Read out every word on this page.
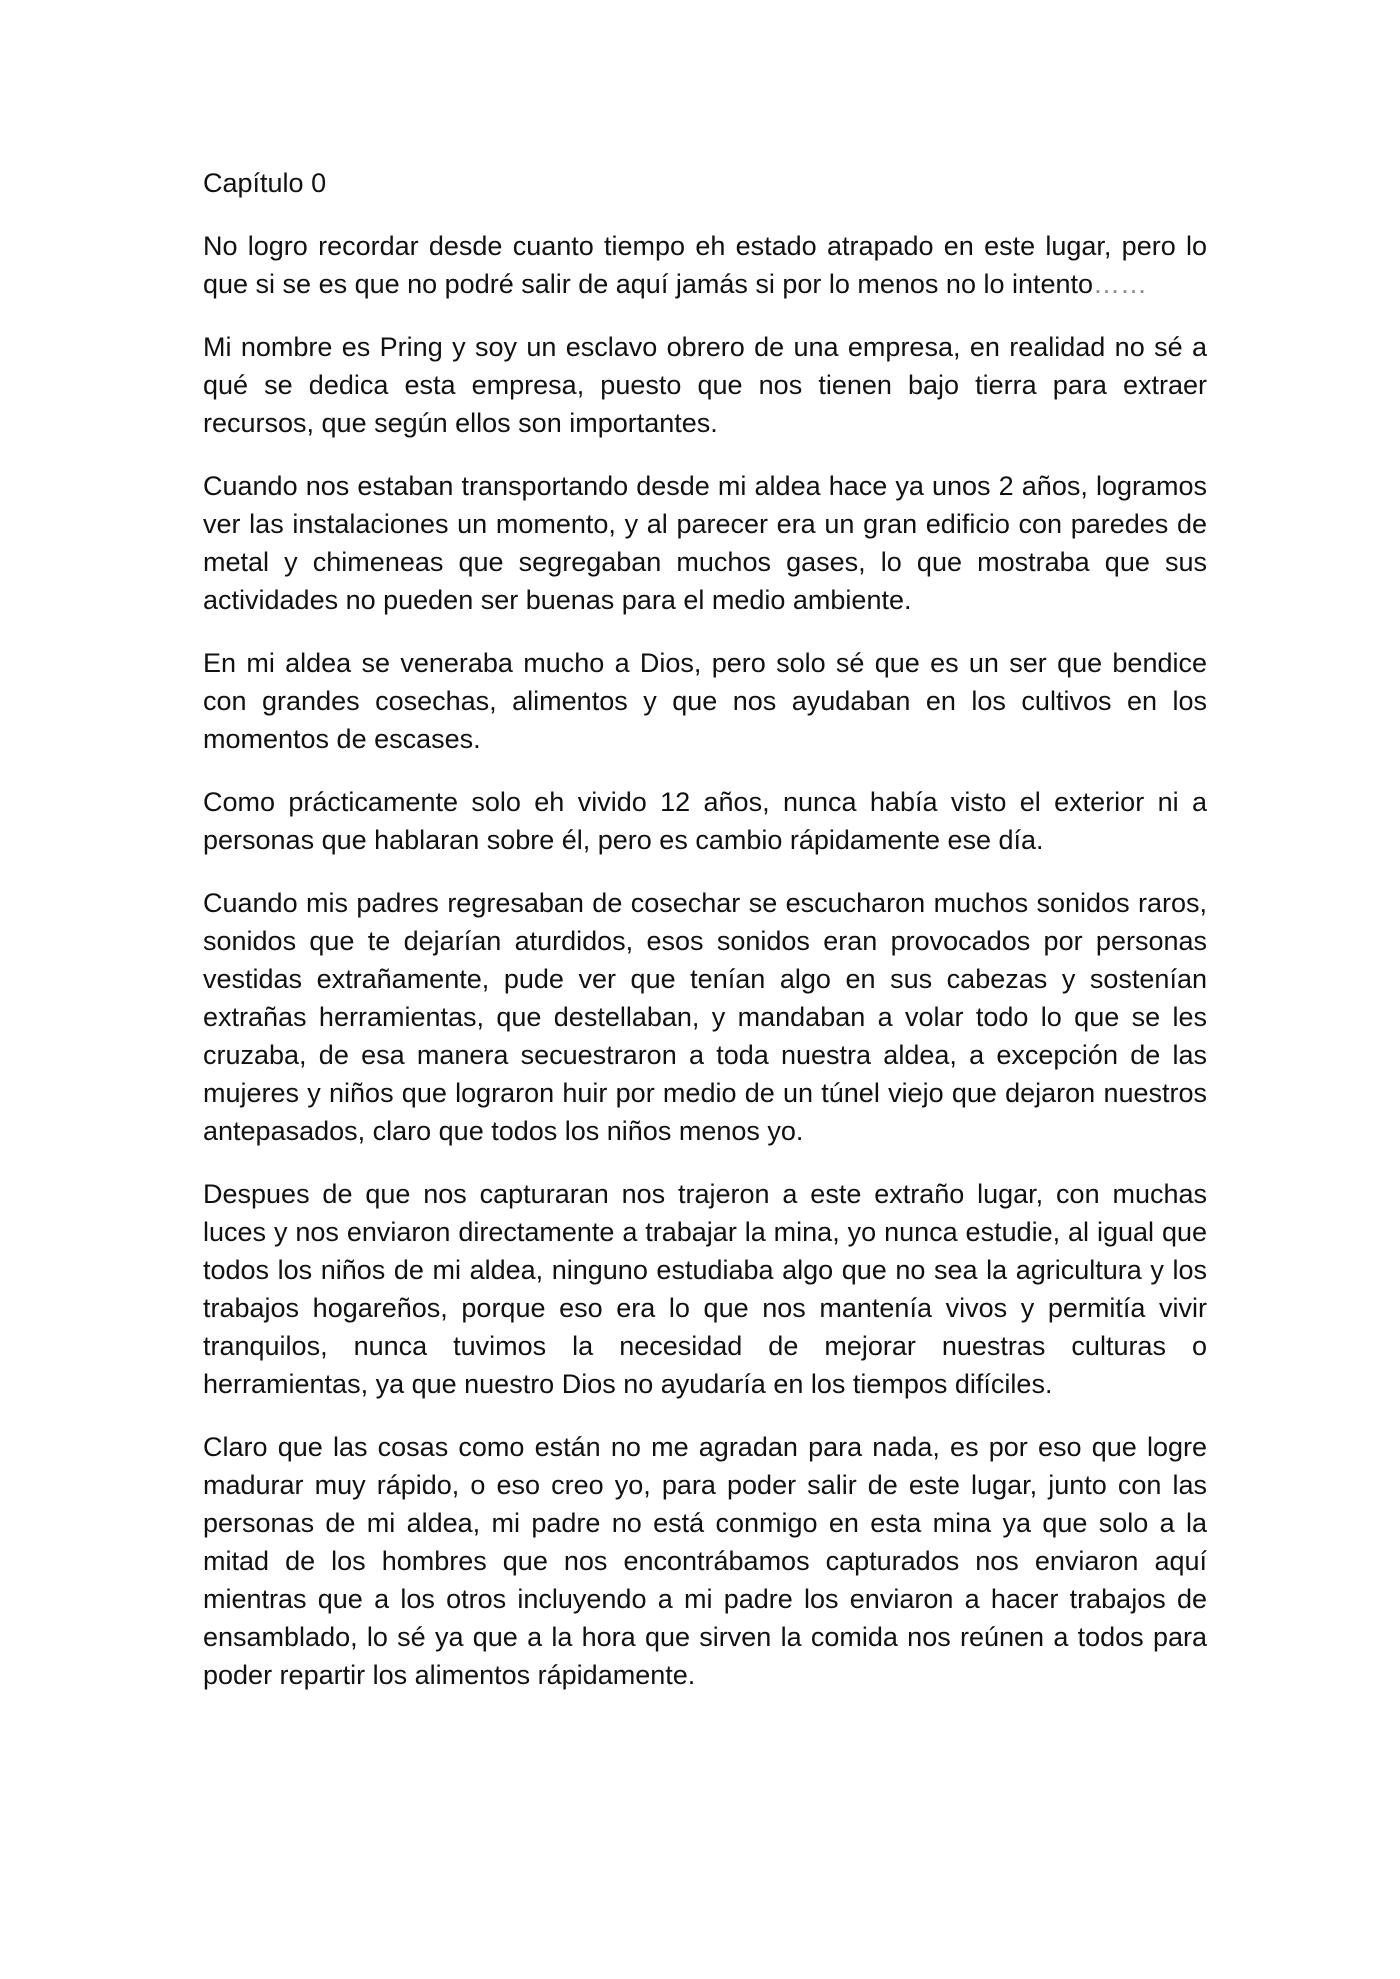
Capítulo 0

No logro recordar desde cuanto tiempo eh estado atrapado en este lugar, pero lo que si se es que no podré salir de aquí jamás si por lo menos no lo intento……

Mi nombre es Pring y soy un esclavo obrero de una empresa, en realidad no sé a qué se dedica esta empresa, puesto que nos tienen bajo tierra para extraer recursos, que según ellos son importantes.

Cuando nos estaban transportando desde mi aldea hace ya unos 2 años, logramos ver las instalaciones un momento, y al parecer era un gran edificio con paredes de metal y chimeneas que segregaban muchos gases, lo que mostraba que sus actividades no pueden ser buenas para el medio ambiente.

En mi aldea se veneraba mucho a Dios, pero solo sé que es un ser que bendice con grandes cosechas, alimentos y que nos ayudaban en los cultivos en los momentos de escases.

Como prácticamente solo eh vivido 12 años, nunca había visto el exterior ni a personas que hablaran sobre él, pero es cambio rápidamente ese día.

Cuando mis padres regresaban de cosechar se escucharon muchos sonidos raros, sonidos que te dejarían aturdidos, esos sonidos eran provocados por personas vestidas extrañamente, pude ver que tenían algo en sus cabezas y sostenían extrañas herramientas, que destellaban, y mandaban a volar todo lo que se les cruzaba, de esa manera secuestraron a toda nuestra aldea, a excepción de las mujeres y niños que lograron huir por medio de un túnel viejo que dejaron nuestros antepasados, claro que todos los niños menos yo.

Despues de que nos capturaran nos trajeron a este extraño lugar, con muchas luces y nos enviaron directamente a trabajar la mina, yo nunca estudie, al igual que todos los niños de mi aldea, ninguno estudiaba algo que no sea la agricultura y los trabajos hogareños, porque eso era lo que nos mantenía vivos y permitía vivir tranquilos, nunca tuvimos la necesidad de mejorar nuestras culturas o herramientas, ya que nuestro Dios no ayudaría en los tiempos difíciles.

Claro que las cosas como están no me agradan para nada, es por eso que logre madurar muy rápido, o eso creo yo, para poder salir de este lugar, junto con las personas de mi aldea, mi padre no está conmigo en esta mina ya que solo a la mitad de los hombres que nos encontrábamos capturados nos enviaron aquí mientras que a los otros incluyendo a mi padre los enviaron a hacer trabajos de ensamblado, lo sé ya que a la hora que sirven la comida nos reúnen a todos para poder repartir los alimentos rápidamente.
